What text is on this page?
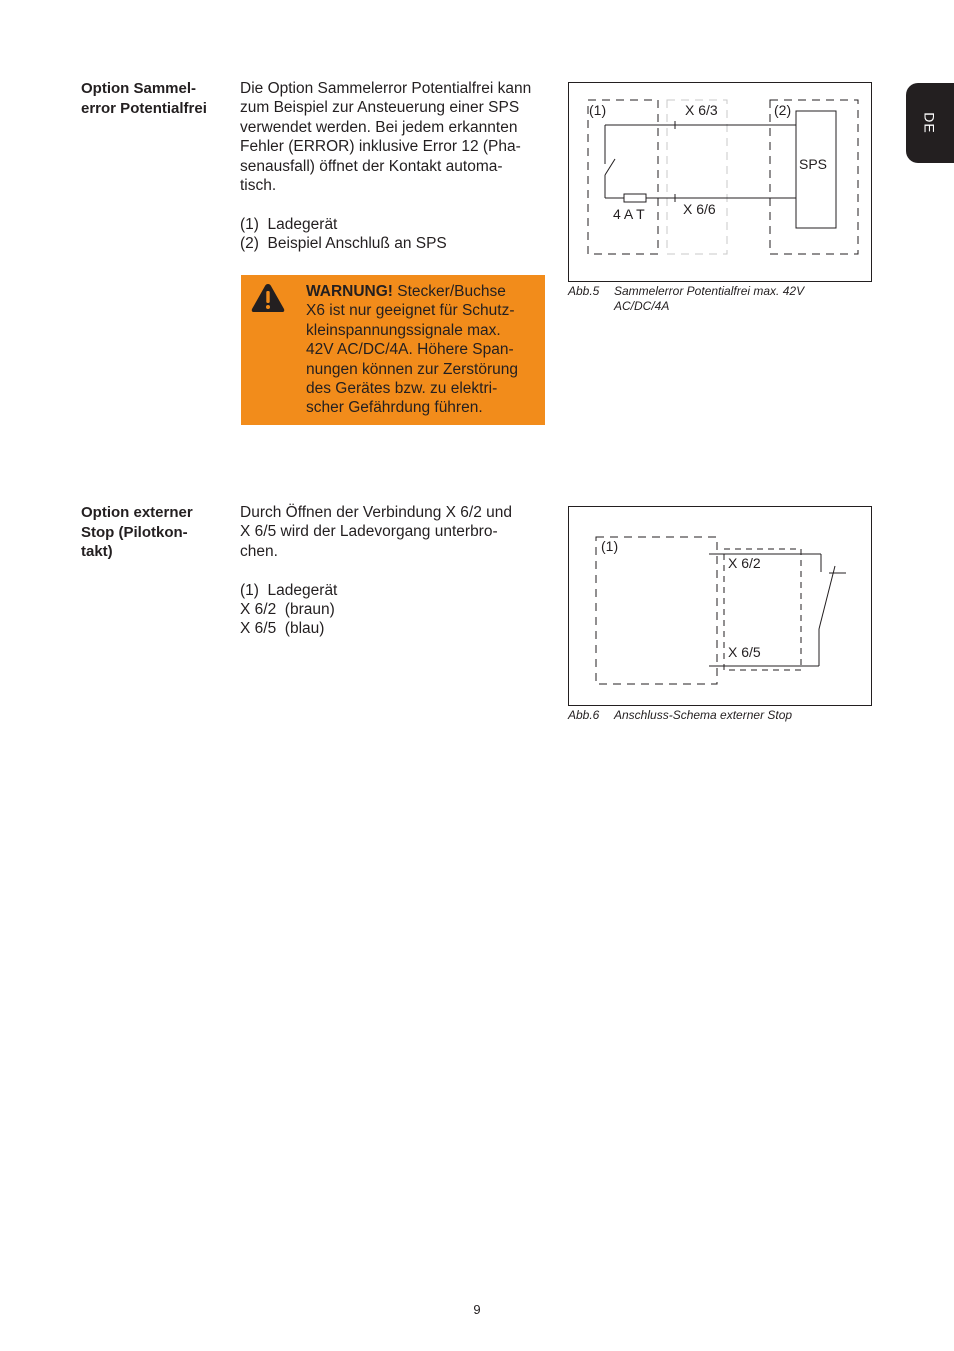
DE
Option Sammel-
error Potentialfrei
Die Option Sammelerror Potentialfrei kann
zum Beispiel zur Ansteuerung einer SPS
verwendet werden. Bei jedem erkannten
Fehler (ERROR) inklusive Error 12 (Pha-
senausfall) öffnet der Kontakt automa-
tisch.
(1)  Ladegerät
(2)  Beispiel Anschluß an SPS
WARNUNG! Stecker/Buchse
X6 ist nur geeignet für Schutz-
kleinspannungssignale max.
42V AC/DC/4A. Höhere Span-
nungen können zur Zerstörung
des Gerätes bzw. zu elektri-
scher Gefährdung führen.
(1)	X 6/3	(2)
SPS
4 A T	X 6/6
Abb.5 Sammelerror Potentialfrei max. 42V
AC/DC/4A
Option externer
Stop (Pilotkon-
takt)
Durch Öffnen der Verbindung X 6/2 und
X 6/5 wird der Ladevorgang unterbro-
chen.
(1)  Ladegerät
X 6/2  (braun)
X 6/5  (blau)
(1)
X 6/2
X 6/5
Abb.6 Anschluss-Schema externer Stop
9
